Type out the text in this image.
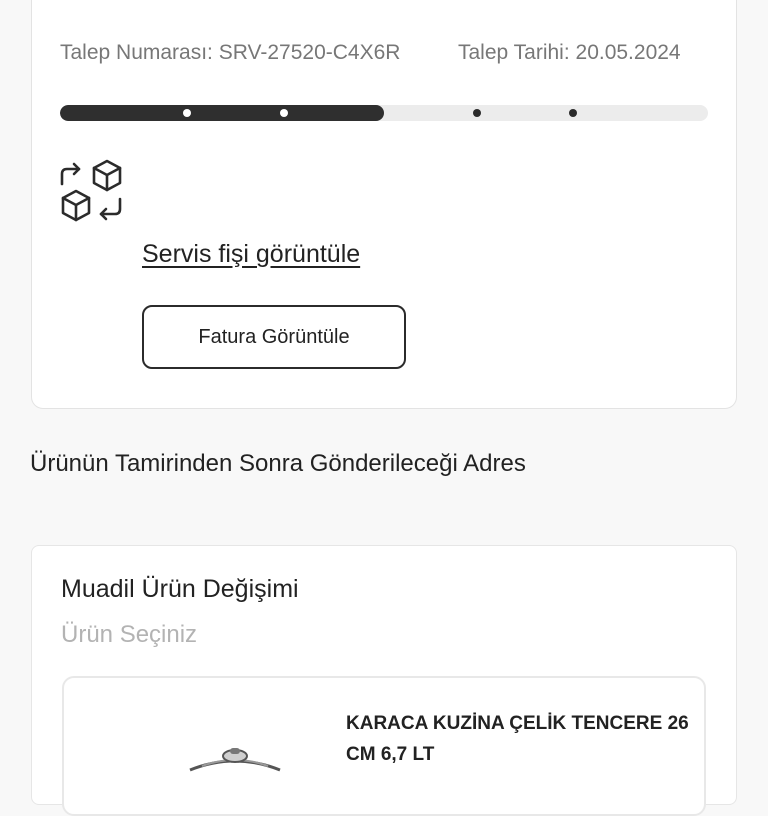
Talep Numarası: SRV-27520-C4X6R	Talep Tarihi: 20.05.2024
Servis fişi görüntüle
Fatura Görüntüle
Ürünün Tamirinden Sonra Gönderileceği Adres
Muadil Ürün Değişimi
Ürün Seçiniz
KARACA KUZİNA ÇELİK TENCERE 26 CM 6,7 LT
